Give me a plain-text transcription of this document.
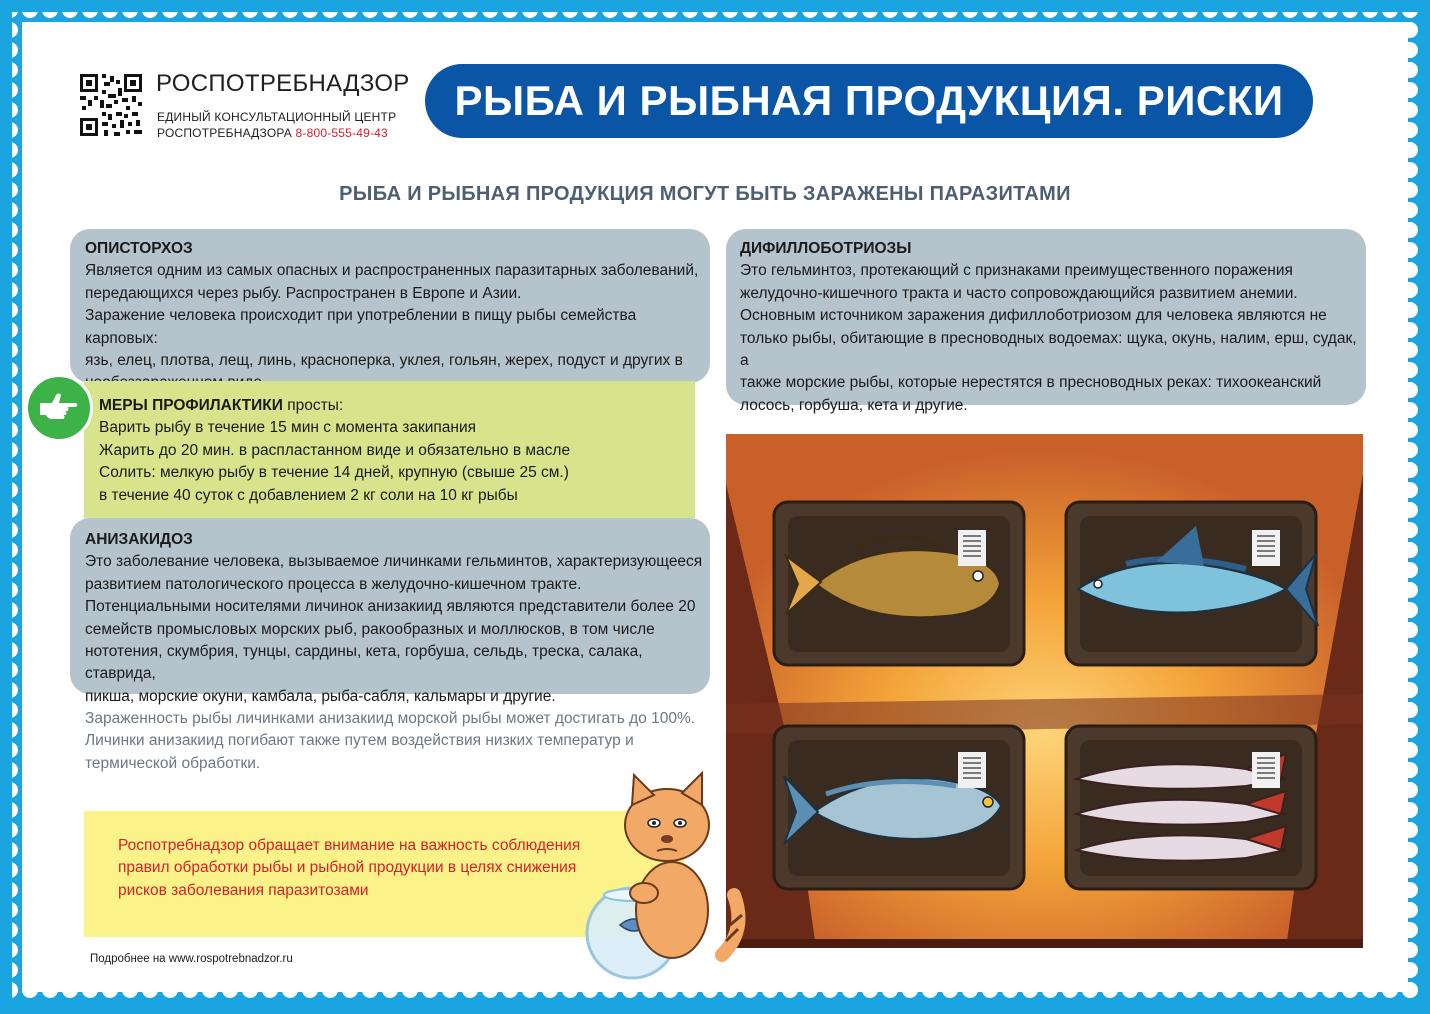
РОСПОТРЕБНАДЗОР
ЕДИНЫЙ КОНСУЛЬТАЦИОННЫЙ ЦЕНТР
РОСПОТРЕБНАДЗОРА 8-800-555-49-43
РЫБА И РЫБНАЯ ПРОДУКЦИЯ. РИСКИ
РЫБА И РЫБНАЯ ПРОДУКЦИЯ МОГУТ БЫТЬ ЗАРАЖЕНЫ ПАРАЗИТАМИ
ОПИСТОРХОЗ
Является одним из самых опасных и распространенных паразитарных заболеваний,
передающихся через рыбу. Распространен в Европе и Азии.
Заражение человека происходит при употреблении в пищу рыбы семейства карповых:
язь, елец, плотва, лещ, линь, красноперка, уклея, гольян, жерех, подуст и других в
МЕРЫ ПРОФИЛАКТИКИ просты:
Варить рыбу в течение 15 мин с момента закипания
Жарить до 20 мин. в распластанном виде и обязательно в масле
Солить: мелкую рыбу в течение 14 дней, крупную (свыше 25 см.)
в течение 40 суток с добавлением 2 кг соли на 10 кг рыбы
АНИЗАКИДОЗ
Это заболевание человека, вызываемое личинками гельминтов, характеризующееся
развитием патологического процесса в желудочно-кишечном тракте.
Потенциальными носителями личинок анизакиид являются представители более 20
семейств промысловых морских рыб, ракообразных и моллюсков, в том числе
нототения, скумбрия, тунцы, сардины, кета, горбуша, сельдь, треска, салака, ставрида,
пикша, морские окуни, камбала, рыба-сабля, кальмары и другие.
Зараженность рыбы личинками анизакиид морской рыбы может достигать до 100%.
Личинки анизакиид погибают также путем воздействия низких температур и
термической обработки.
ДИФИЛЛОБОТРИОЗЫ
Это гельминтоз, протекающий с признаками преимущественного поражения
желудочно-кишечного тракта и часто сопровождающийся развитием анемии.
Основным источником заражения дифиллоботриозом для человека являются не
только рыбы, обитающие в пресноводных водоемах: щука, окунь, налим, ерш, судак, а
также морские рыбы, которые нерестятся в пресноводных реках: тихоокеанский
лосось, горбуша, кета и другие.
Роспотребнадзор обращает внимание на важность соблюдения
правил обработки рыбы и рыбной продукции в целях снижения
рисков заболевания паразитозами
Подробнее на www.rospotrebnadzor.ru
